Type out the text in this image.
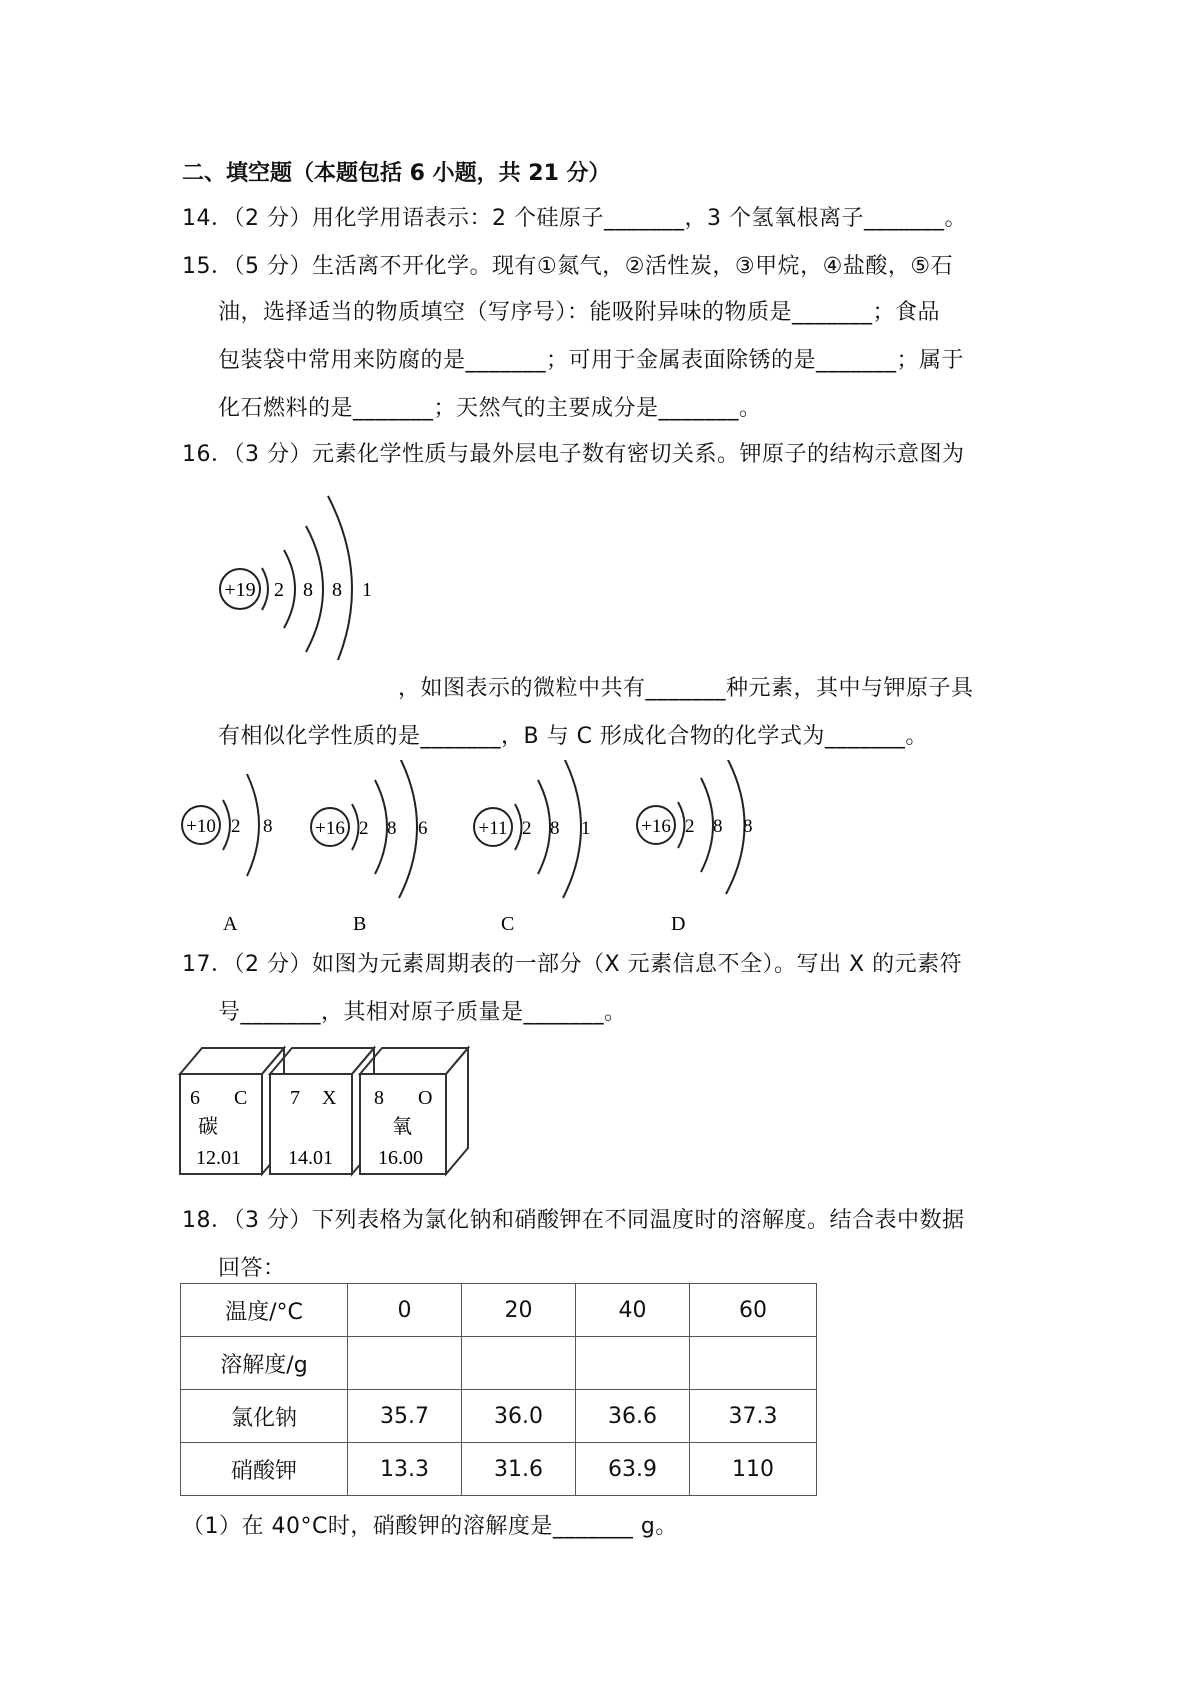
二、填空题（本题包括 6 小题，共 21 分）
14．（2 分）用化学用语表示：2 个硅原子_______，3 个氢氧根离子_______。
15．（5 分）生活离不开化学。现有①氮气，②活性炭，③甲烷，④盐酸，⑤石
油，选择适当的物质填空（写序号）：能吸附异味的物质是_______；食品
包装袋中常用来防腐的是_______；可用于金属表面除锈的是_______；属于
化石燃料的是_______；天然气的主要成分是_______。
16．（3 分）元素化学性质与最外层电子数有密切关系。钾原子的结构示意图为
+19 2 8 8 1
，如图表示的微粒中共有_______种元素，其中与钾原子具
有相似化学性质的是_______，B 与 C 形成化合物的化学式为_______。
+10 2 8
A
+16 2 8 6
B
+11 2 8 1
C
+16 2 8 8
D
17．（2 分）如图为元素周期表的一部分（X 元素信息不全）。写出 X 的元素符
号_______，其相对原子质量是_______。
6 C
碳
12.01
7 X
14.01
8 O
氧
16.00
18．（3 分）下列表格为氯化钠和硝酸钾在不同温度时的溶解度。结合表中数据
回答：
温度/°C	0	20	40	60
溶解度/g				
氯化钠	35.7	36.0	36.6	37.3
硝酸钾	13.3	31.6	63.9	110
（1）在 40°C时，硝酸钾的溶解度是_______ g。
